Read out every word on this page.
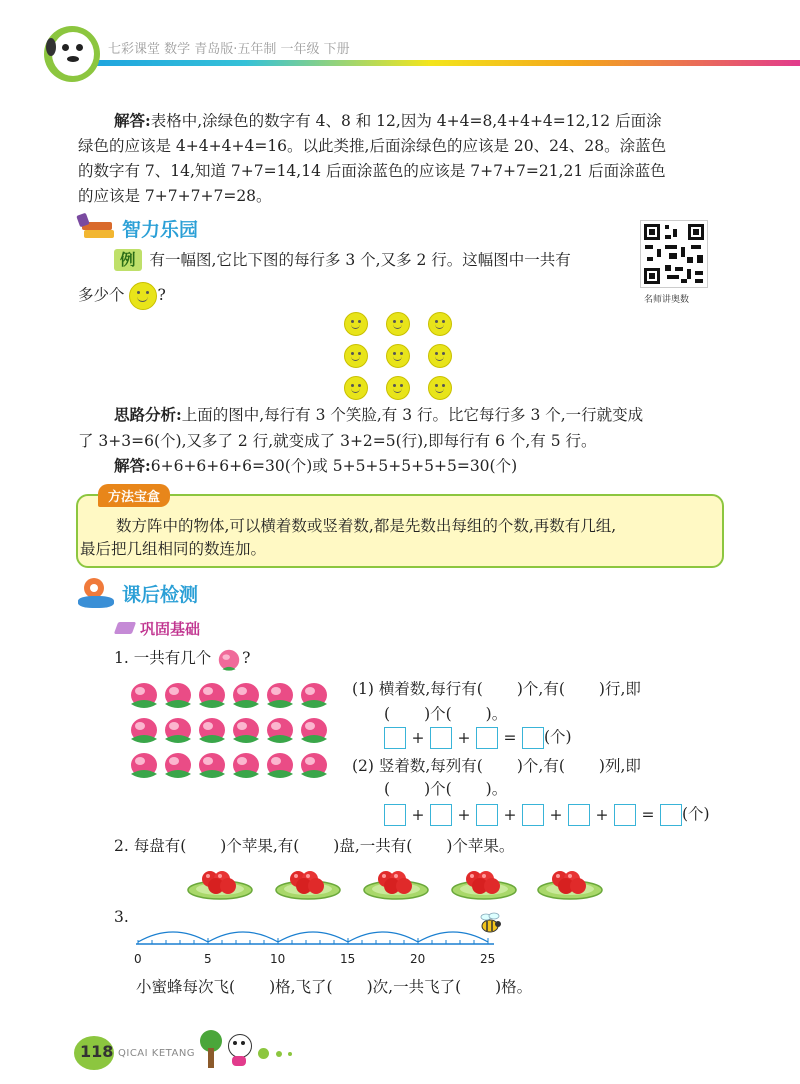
七彩课堂 数学 青岛版·五年制 一年级 下册
解答:表格中,涂绿色的数字有 4、8 和 12,因为 4+4=8,4+4+4=12,12 后面涂
绿色的应该是 4+4+4+4=16。以此类推,后面涂绿色的应该是 20、24、28。涂蓝色
的数字有 7、14,知道 7+7=14,14 后面涂蓝色的应该是 7+7+7=21,21 后面涂蓝色
的应该是 7+7+7+7=28。
智力乐园
名师讲奥数
例 有一幅图,它比下图的每行多 3 个,又多 2 行。这幅图中一共有
多少个 ?
思路分析:上面的图中,每行有 3 个笑脸,有 3 行。比它每行多 3 个,一行就变成
了 3+3=6(个),又多了 2 行,就变成了 3+2=5(行),即每行有 6 个,有 5 行。
解答:6+6+6+6+6=30(个)或 5+5+5+5+5+5=30(个)
方法宝盒
数方阵中的物体,可以横着数或竖着数,都是先数出每组的个数,再数有几组,
最后把几组相同的数连加。
课后检测
巩固基础
1. 一共有几个 ?
(1) 横着数,每行有( )个,有( )行,即
( )个( )。
+ + = (个)
(2) 竖着数,每列有( )个,有( )列,即
( )个( )。
+ + + + + = (个)
2. 每盘有( )个苹果,有( )盘,一共有( )个苹果。
3.
0	5	10	15	20	25
小蜜蜂每次飞( )格,飞了( )次,一共飞了( )格。
118 QICAI KETANG
